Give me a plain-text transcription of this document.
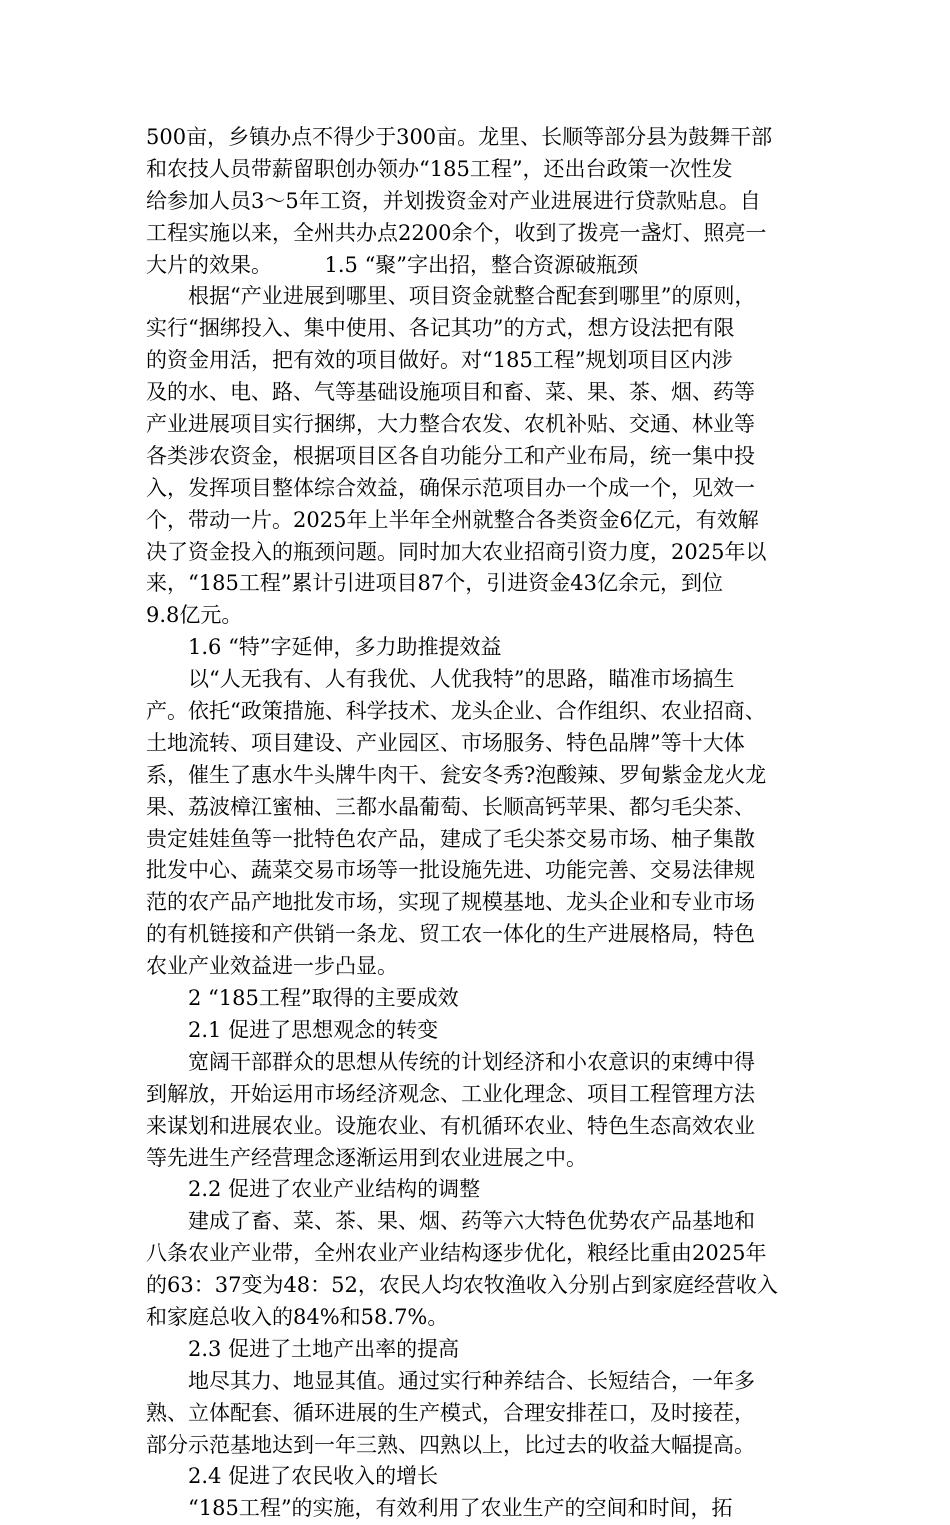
500亩，乡镇办点不得少于300亩。龙里、长顺等部分县为鼓舞干部
和农技人员带薪留职创办领办“185工程”，还出台政策一次性发
给参加人员3～5年工资，并划拨资金对产业进展进行贷款贴息。自
工程实施以来，全州共办点2200余个，收到了拨亮一盏灯、照亮一
大片的效果。　　　1.5 “聚”字出招，整合资源破瓶颈
根据“产业进展到哪里、项目资金就整合配套到哪里”的原则，
实行“捆绑投入、集中使用、各记其功”的方式，想方设法把有限
的资金用活，把有效的项目做好。对“185工程”规划项目区内涉
及的水、电、路、气等基础设施项目和畜、菜、果、茶、烟、药等
产业进展项目实行捆绑，大力整合农发、农机补贴、交通、林业等
各类涉农资金，根据项目区各自功能分工和产业布局，统一集中投
入，发挥项目整体综合效益，确保示范项目办一个成一个，见效一
个，带动一片。2025年上半年全州就整合各类资金6亿元，有效解
决了资金投入的瓶颈问题。同时加大农业招商引资力度，2025年以
来，“185工程”累计引进项目87个，引进资金43亿余元，到位
9.8亿元。
1.6 “特”字延伸，多力助推提效益
以“人无我有、人有我优、人优我特”的思路，瞄准市场搞生
产。依托“政策措施、科学技术、龙头企业、合作组织、农业招商、
土地流转、项目建设、产业园区、市场服务、特色品牌”等十大体
系，催生了惠水牛头牌牛肉干、瓮安冬秀?泡酸辣、罗甸紫金龙火龙
果、荔波樟江蜜柚、三都水晶葡萄、长顺高钙苹果、都匀毛尖茶、
贵定娃娃鱼等一批特色农产品，建成了毛尖茶交易市场、柚子集散
批发中心、蔬菜交易市场等一批设施先进、功能完善、交易法律规
范的农产品产地批发市场，实现了规模基地、龙头企业和专业市场
的有机链接和产供销一条龙、贸工农一体化的生产进展格局，特色
农业产业效益进一步凸显。
2 “185工程”取得的主要成效
2.1 促进了思想观念的转变
宽阔干部群众的思想从传统的计划经济和小农意识的束缚中得
到解放，开始运用市场经济观念、工业化理念、项目工程管理方法
来谋划和进展农业。设施农业、有机循环农业、特色生态高效农业
等先进生产经营理念逐渐运用到农业进展之中。
2.2 促进了农业产业结构的调整
建成了畜、菜、茶、果、烟、药等六大特色优势农产品基地和
八条农业产业带，全州农业产业结构逐步优化，粮经比重由2025年
的63：37变为48：52，农民人均农牧渔收入分别占到家庭经营收入
和家庭总收入的84%和58.7%。
2.3 促进了土地产出率的提高
地尽其力、地显其值。通过实行种养结合、长短结合，一年多
熟、立体配套、循环进展的生产模式，合理安排茬口，及时接茬，
部分示范基地达到一年三熟、四熟以上，比过去的收益大幅提高。
2.4 促进了农民收入的增长
“185工程”的实施，有效利用了农业生产的空间和时间，拓
